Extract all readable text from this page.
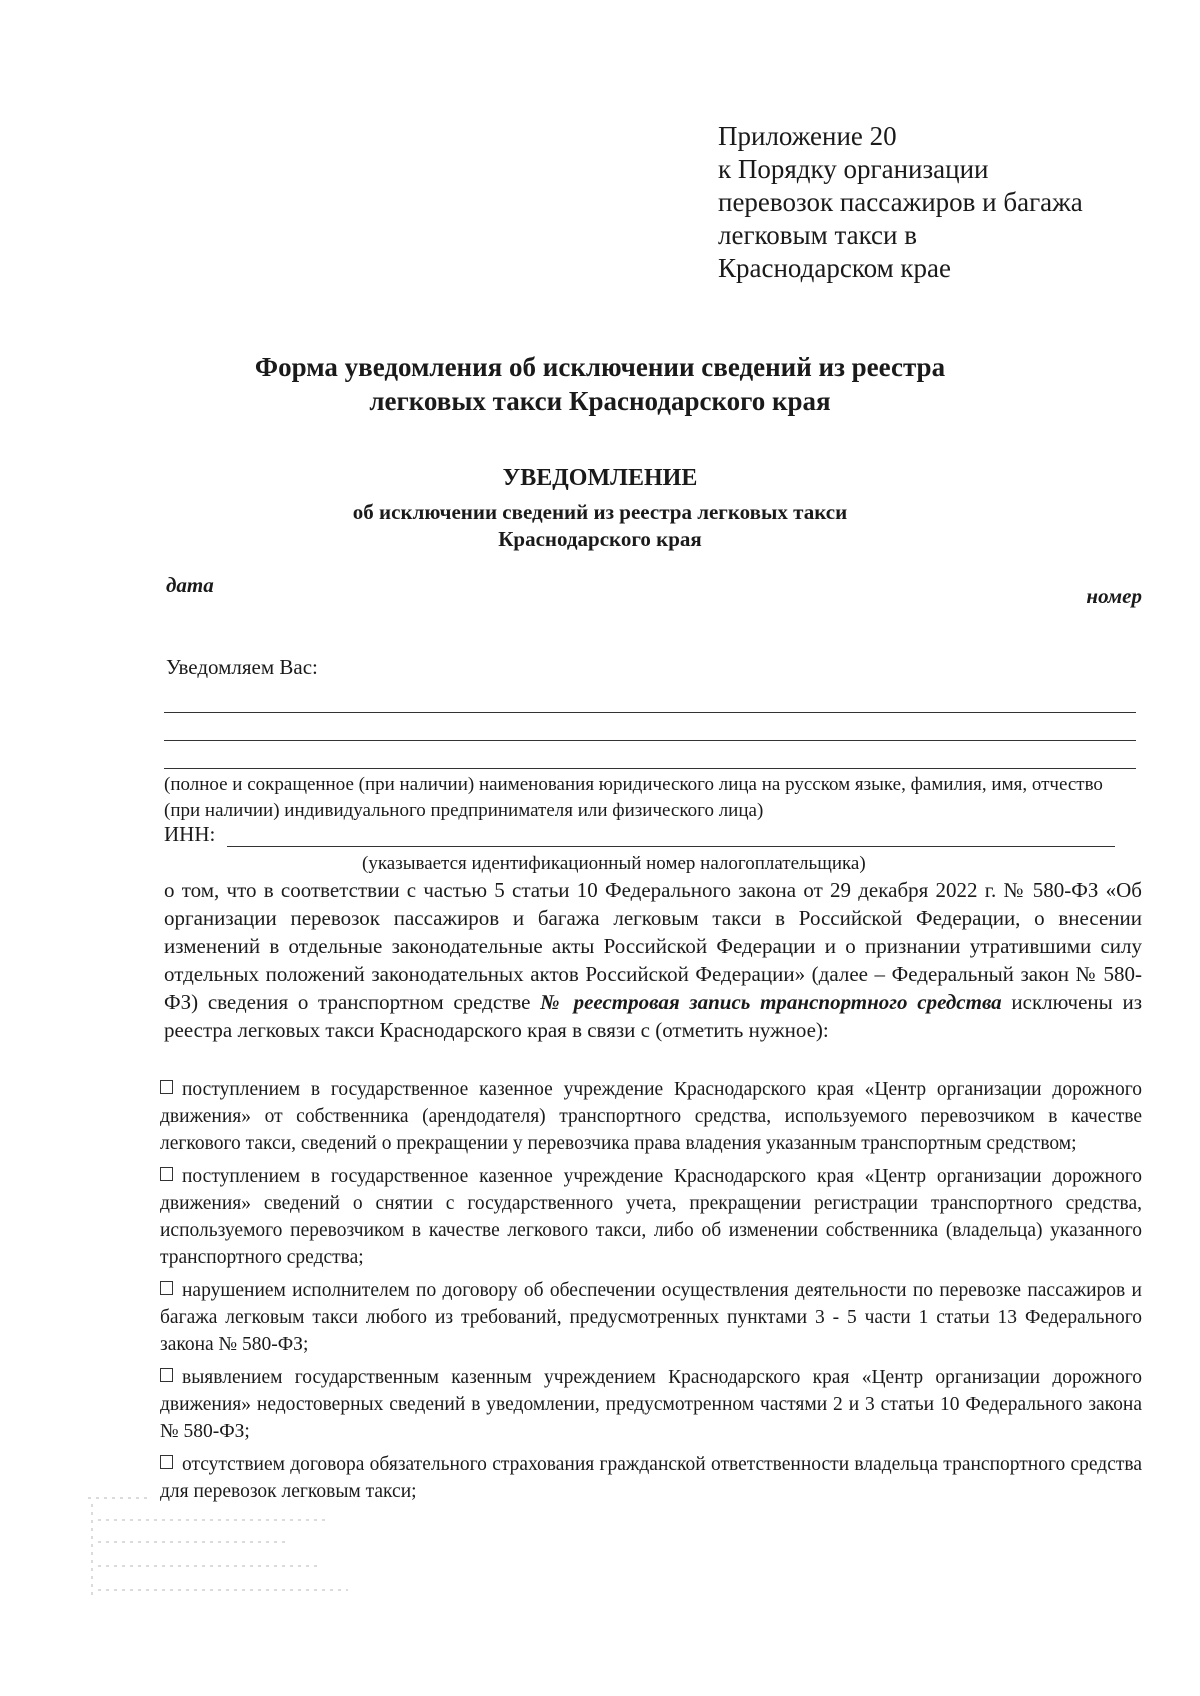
Приложение 20
к Порядку организации
перевозок пассажиров и багажа
легковым такси в
Краснодарском крае
Форма уведомления об исключении сведений из реестра
легковых такси Краснодарского края
УВЕДОМЛЕНИЕ
об исключении сведений из реестра легковых такси
Краснодарского края
дата	номер
Уведомляем Вас:
(полное и сокращенное (при наличии) наименования юридического лица на русском языке, фамилия, имя, отчество (при наличии) индивидуального предпринимателя или физического лица)
ИНН:
(указывается идентификационный номер налогоплательщика)
о том, что в соответствии с частью 5 статьи 10 Федерального закона от 29 декабря 2022 г. № 580-ФЗ «Об организации перевозок пассажиров и багажа легковым такси в Российской Федерации, о внесении изменений в отдельные законодательные акты Российской Федерации и о признании утратившими силу отдельных положений законодательных актов Российской Федерации» (далее – Федеральный закон № 580-ФЗ) сведения о транспортном средстве № реестровая запись транспортного средства исключены из реестра легковых такси Краснодарского края в связи с (отметить нужное):
поступлением в государственное казенное учреждение Краснодарского края «Центр организации дорожного движения» от собственника (арендодателя) транспортного средства, используемого перевозчиком в качестве легкового такси, сведений о прекращении у перевозчика права владения указанным транспортным средством;
поступлением в государственное казенное учреждение Краснодарского края «Центр организации дорожного движения» сведений о снятии с государственного учета, прекращении регистрации транспортного средства, используемого перевозчиком в качестве легкового такси, либо об изменении собственника (владельца) указанного транспортного средства;
нарушением исполнителем по договору об обеспечении осуществления деятельности по перевозке пассажиров и багажа легковым такси любого из требований, предусмотренных пунктами 3 - 5 части 1 статьи 13 Федерального закона № 580-ФЗ;
выявлением государственным казенным учреждением Краснодарского края «Центр организации дорожного движения» недостоверных сведений в уведомлении, предусмотренном частями 2 и 3 статьи 10 Федерального закона № 580-ФЗ;
отсутствием договора обязательного страхования гражданской ответственности владельца транспортного средства для перевозок легковым такси;
